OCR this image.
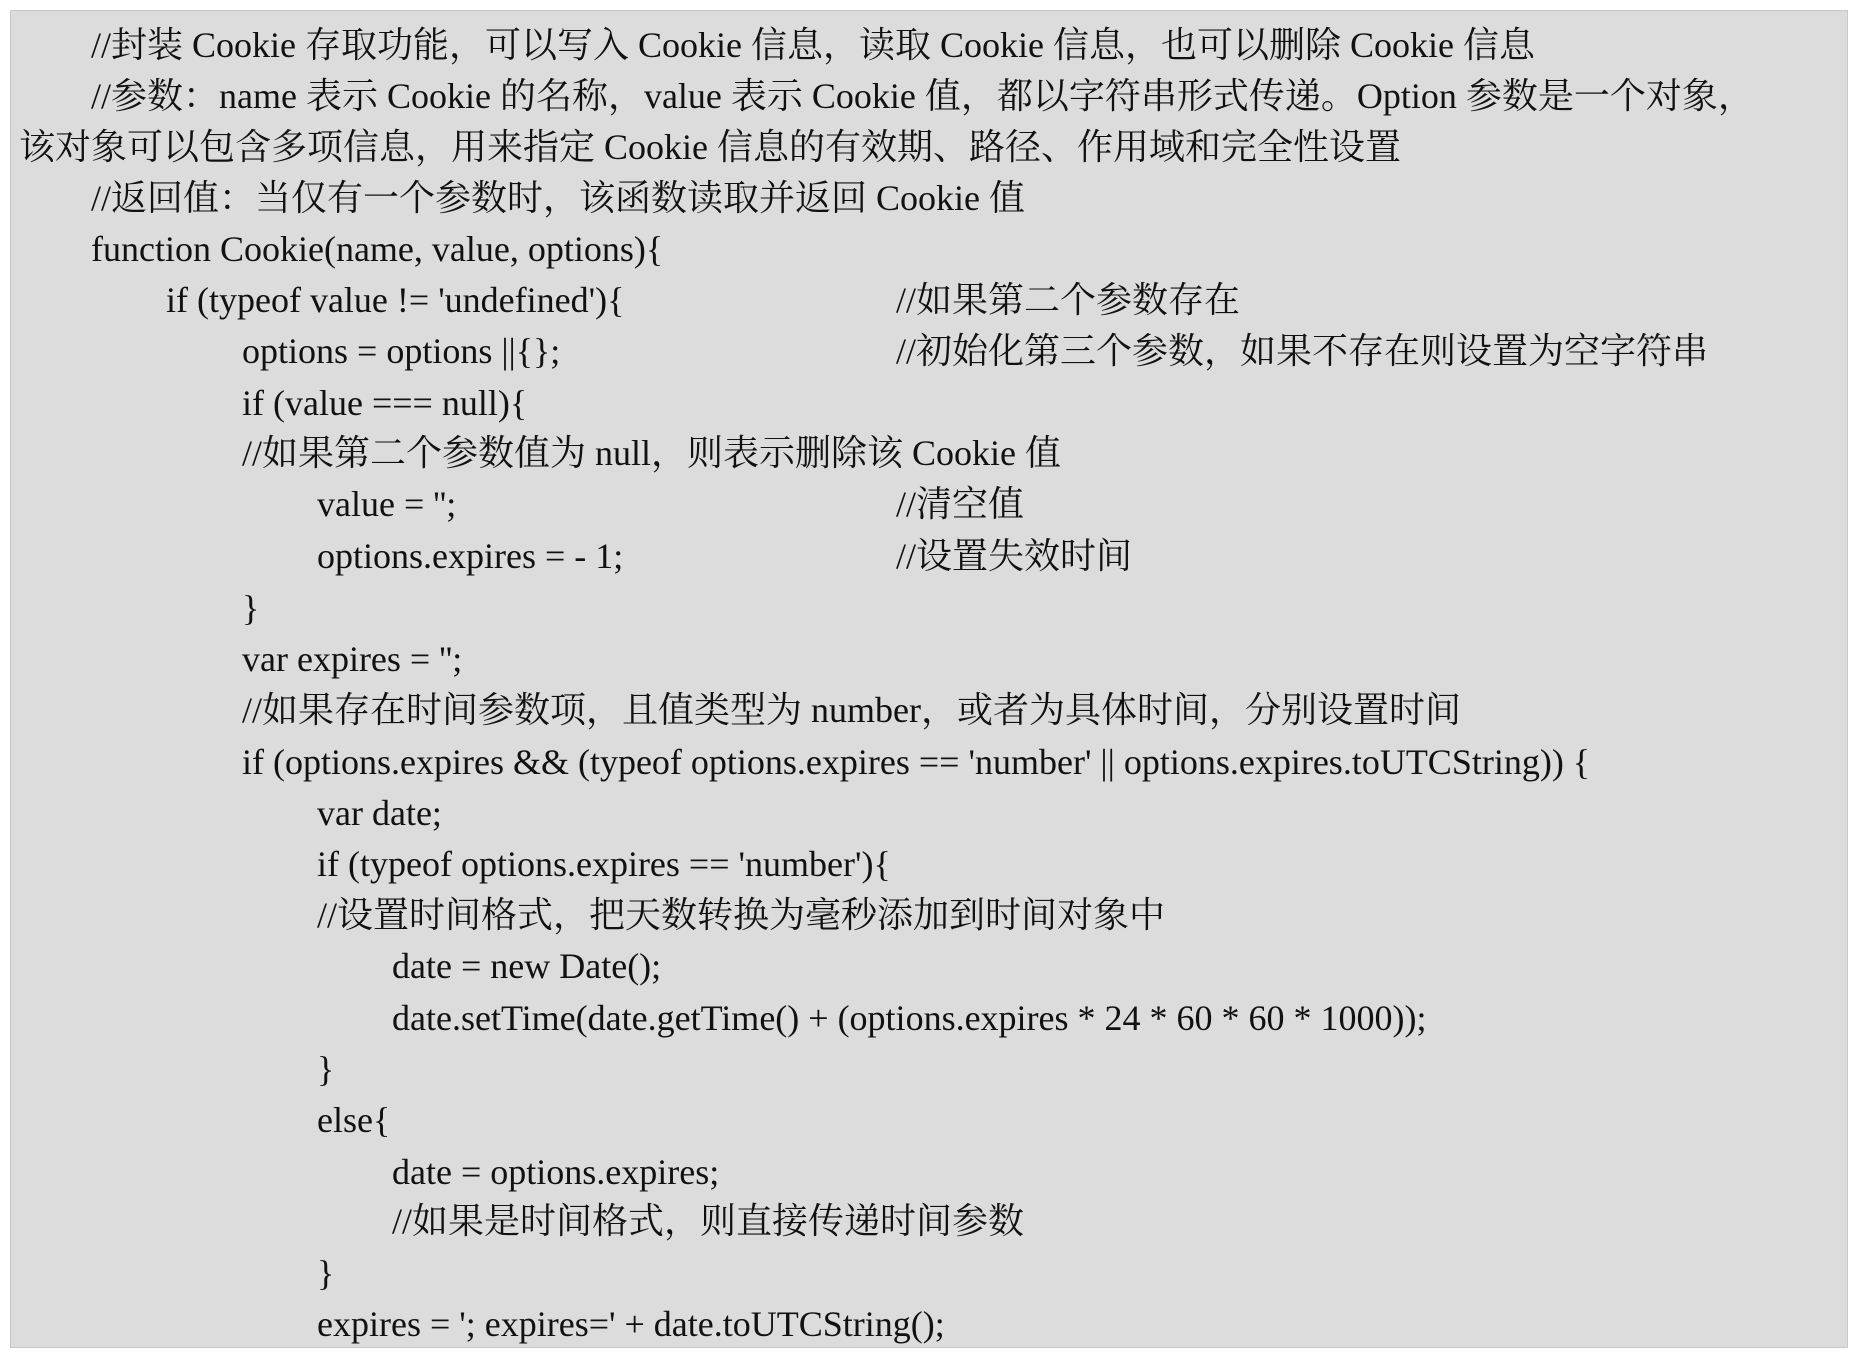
//封装 Cookie 存取功能，可以写入 Cookie 信息，读取 Cookie 信息，也可以删除 Cookie 信息
//参数：name 表示 Cookie 的名称，value 表示 Cookie 值，都以字符串形式传递。Option 参数是一个对象，
该对象可以包含多项信息，用来指定 Cookie 信息的有效期、路径、作用域和完全性设置
//返回值：当仅有一个参数时，该函数读取并返回 Cookie 值
function Cookie(name, value, options){
if (typeof value != 'undefined'){	//如果第二个参数存在
options = options ||{};	//初始化第三个参数，如果不存在则设置为空字符串
if (value === null){
//如果第二个参数值为 null，则表示删除该 Cookie 值
value = '';	//清空值
options.expires = - 1;	//设置失效时间
}
var expires = '';
//如果存在时间参数项，且值类型为 number，或者为具体时间，分别设置时间
if (options.expires && (typeof options.expires == 'number' || options.expires.toUTCString)) {
var date;
if (typeof options.expires == 'number'){
//设置时间格式，把天数转换为毫秒添加到时间对象中
date = new Date();
date.setTime(date.getTime() + (options.expires * 24 * 60 * 60 * 1000));
}
else{
date = options.expires;
//如果是时间格式，则直接传递时间参数
}
expires = '; expires=' + date.toUTCString();
